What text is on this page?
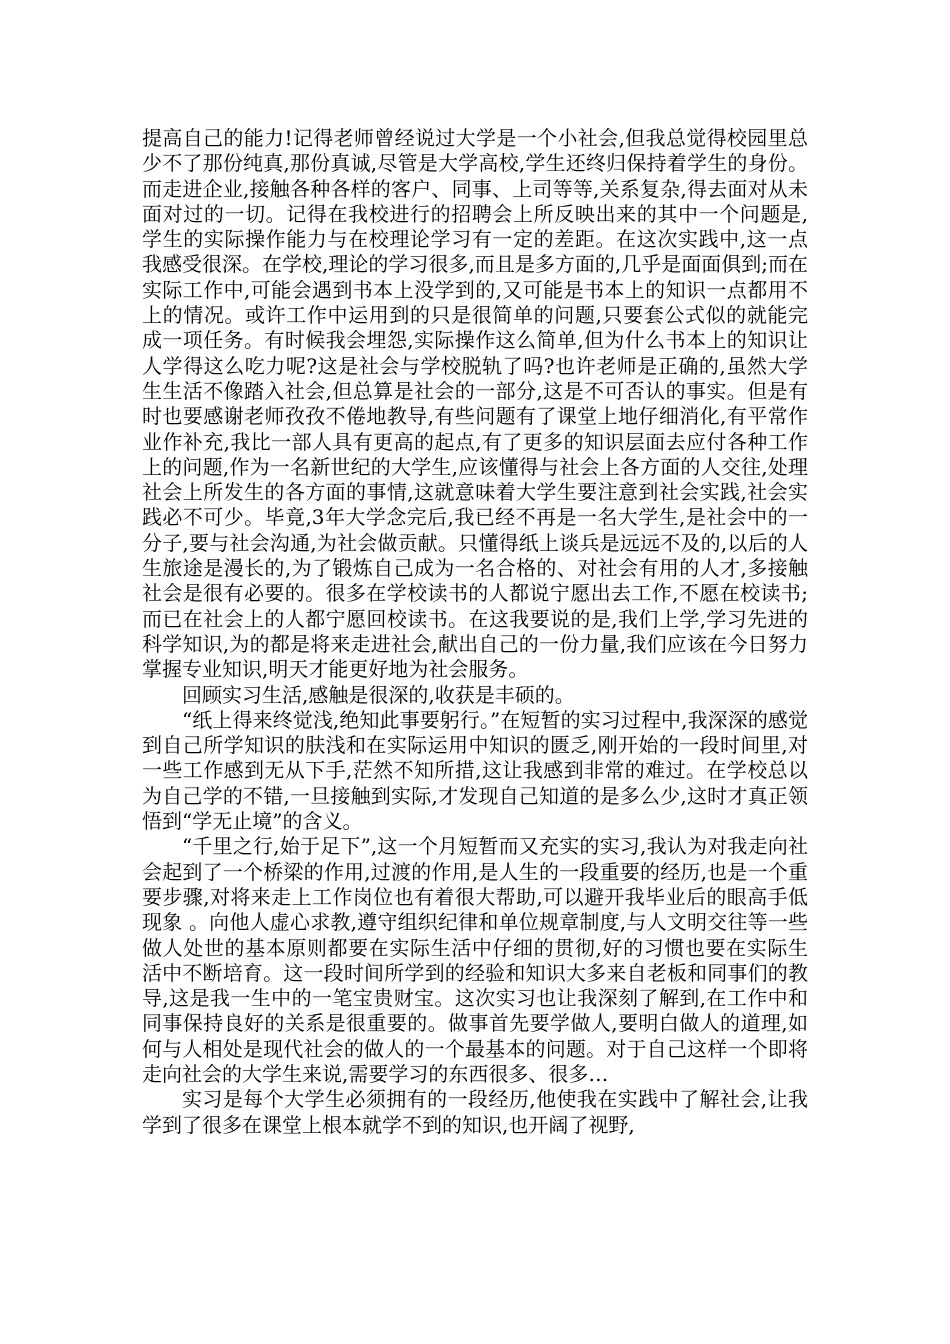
提高自己的能力!记得老师曾经说过大学是一个小社会,但我总觉得校园里总少不了那份纯真,那份真诚,尽管是大学高校,学生还终归保持着学生的身份。而走进企业,接触各种各样的客户、同事、上司等等,关系复杂,得去面对从未面对过的一切。记得在我校进行的招聘会上所反映出来的其中一个问题是,学生的实际操作能力与在校理论学习有一定的差距。在这次实践中,这一点我感受很深。在学校,理论的学习很多,而且是多方面的,几乎是面面俱到;而在实际工作中,可能会遇到书本上没学到的,又可能是书本上的知识一点都用不上的情况。或许工作中运用到的只是很简单的问题,只要套公式似的就能完成一项任务。有时候我会埋怨,实际操作这么简单,但为什么书本上的知识让人学得这么吃力呢?这是社会与学校脱轨了吗?也许老师是正确的,虽然大学生生活不像踏入社会,但总算是社会的一部分,这是不可否认的事实。但是有时也要感谢老师孜孜不倦地教导,有些问题有了课堂上地仔细消化,有平常作业作补充,我比一部人具有更高的起点,有了更多的知识层面去应付各种工作上的问题,作为一名新世纪的大学生,应该懂得与社会上各方面的人交往,处理社会上所发生的各方面的事情,这就意味着大学生要注意到社会实践,社会实践必不可少。毕竟,3年大学念完后,我已经不再是一名大学生,是社会中的一分子,要与社会沟通,为社会做贡献。只懂得纸上谈兵是远远不及的,以后的人生旅途是漫长的,为了锻炼自己成为一名合格的、对社会有用的人才,多接触社会是很有必要的。很多在学校读书的人都说宁愿出去工作,不愿在校读书;而已在社会上的人都宁愿回校读书。在这我要说的是,我们上学,学习先进的科学知识,为的都是将来走进社会,献出自己的一份力量,我们应该在今日努力掌握专业知识,明天才能更好地为社会服务。

回顾实习生活,感触是很深的,收获是丰硕的。

“纸上得来终觉浅,绝知此事要躬行。”在短暂的实习过程中,我深深的感觉到自己所学知识的肤浅和在实际运用中知识的匮乏,刚开始的一段时间里,对一些工作感到无从下手,茫然不知所措,这让我感到非常的难过。在学校总以为自己学的不错,一旦接触到实际,才发现自己知道的是多么少,这时才真正领悟到“学无止境”的含义。

“千里之行,始于足下”,这一个月短暂而又充实的实习,我认为对我走向社会起到了一个桥梁的作用,过渡的作用,是人生的一段重要的经历,也是一个重要步骤,对将来走上工作岗位也有着很大帮助,可以避开我毕业后的眼高手低现象 。向他人虚心求教,遵守组织纪律和单位规章制度,与人文明交往等一些做人处世的基本原则都要在实际生活中仔细的贯彻,好的习惯也要在实际生活中不断培育。这一段时间所学到的经验和知识大多来自老板和同事们的教导,这是我一生中的一笔宝贵财宝。这次实习也让我深刻了解到,在工作中和同事保持良好的关系是很重要的。做事首先要学做人,要明白做人的道理,如何与人相处是现代社会的做人的一个最基本的问题。对于自己这样一个即将走向社会的大学生来说,需要学习的东西很多、很多…

实习是每个大学生必须拥有的一段经历,他使我在实践中了解社会,让我学到了很多在课堂上根本就学不到的知识,也开阔了视野,
